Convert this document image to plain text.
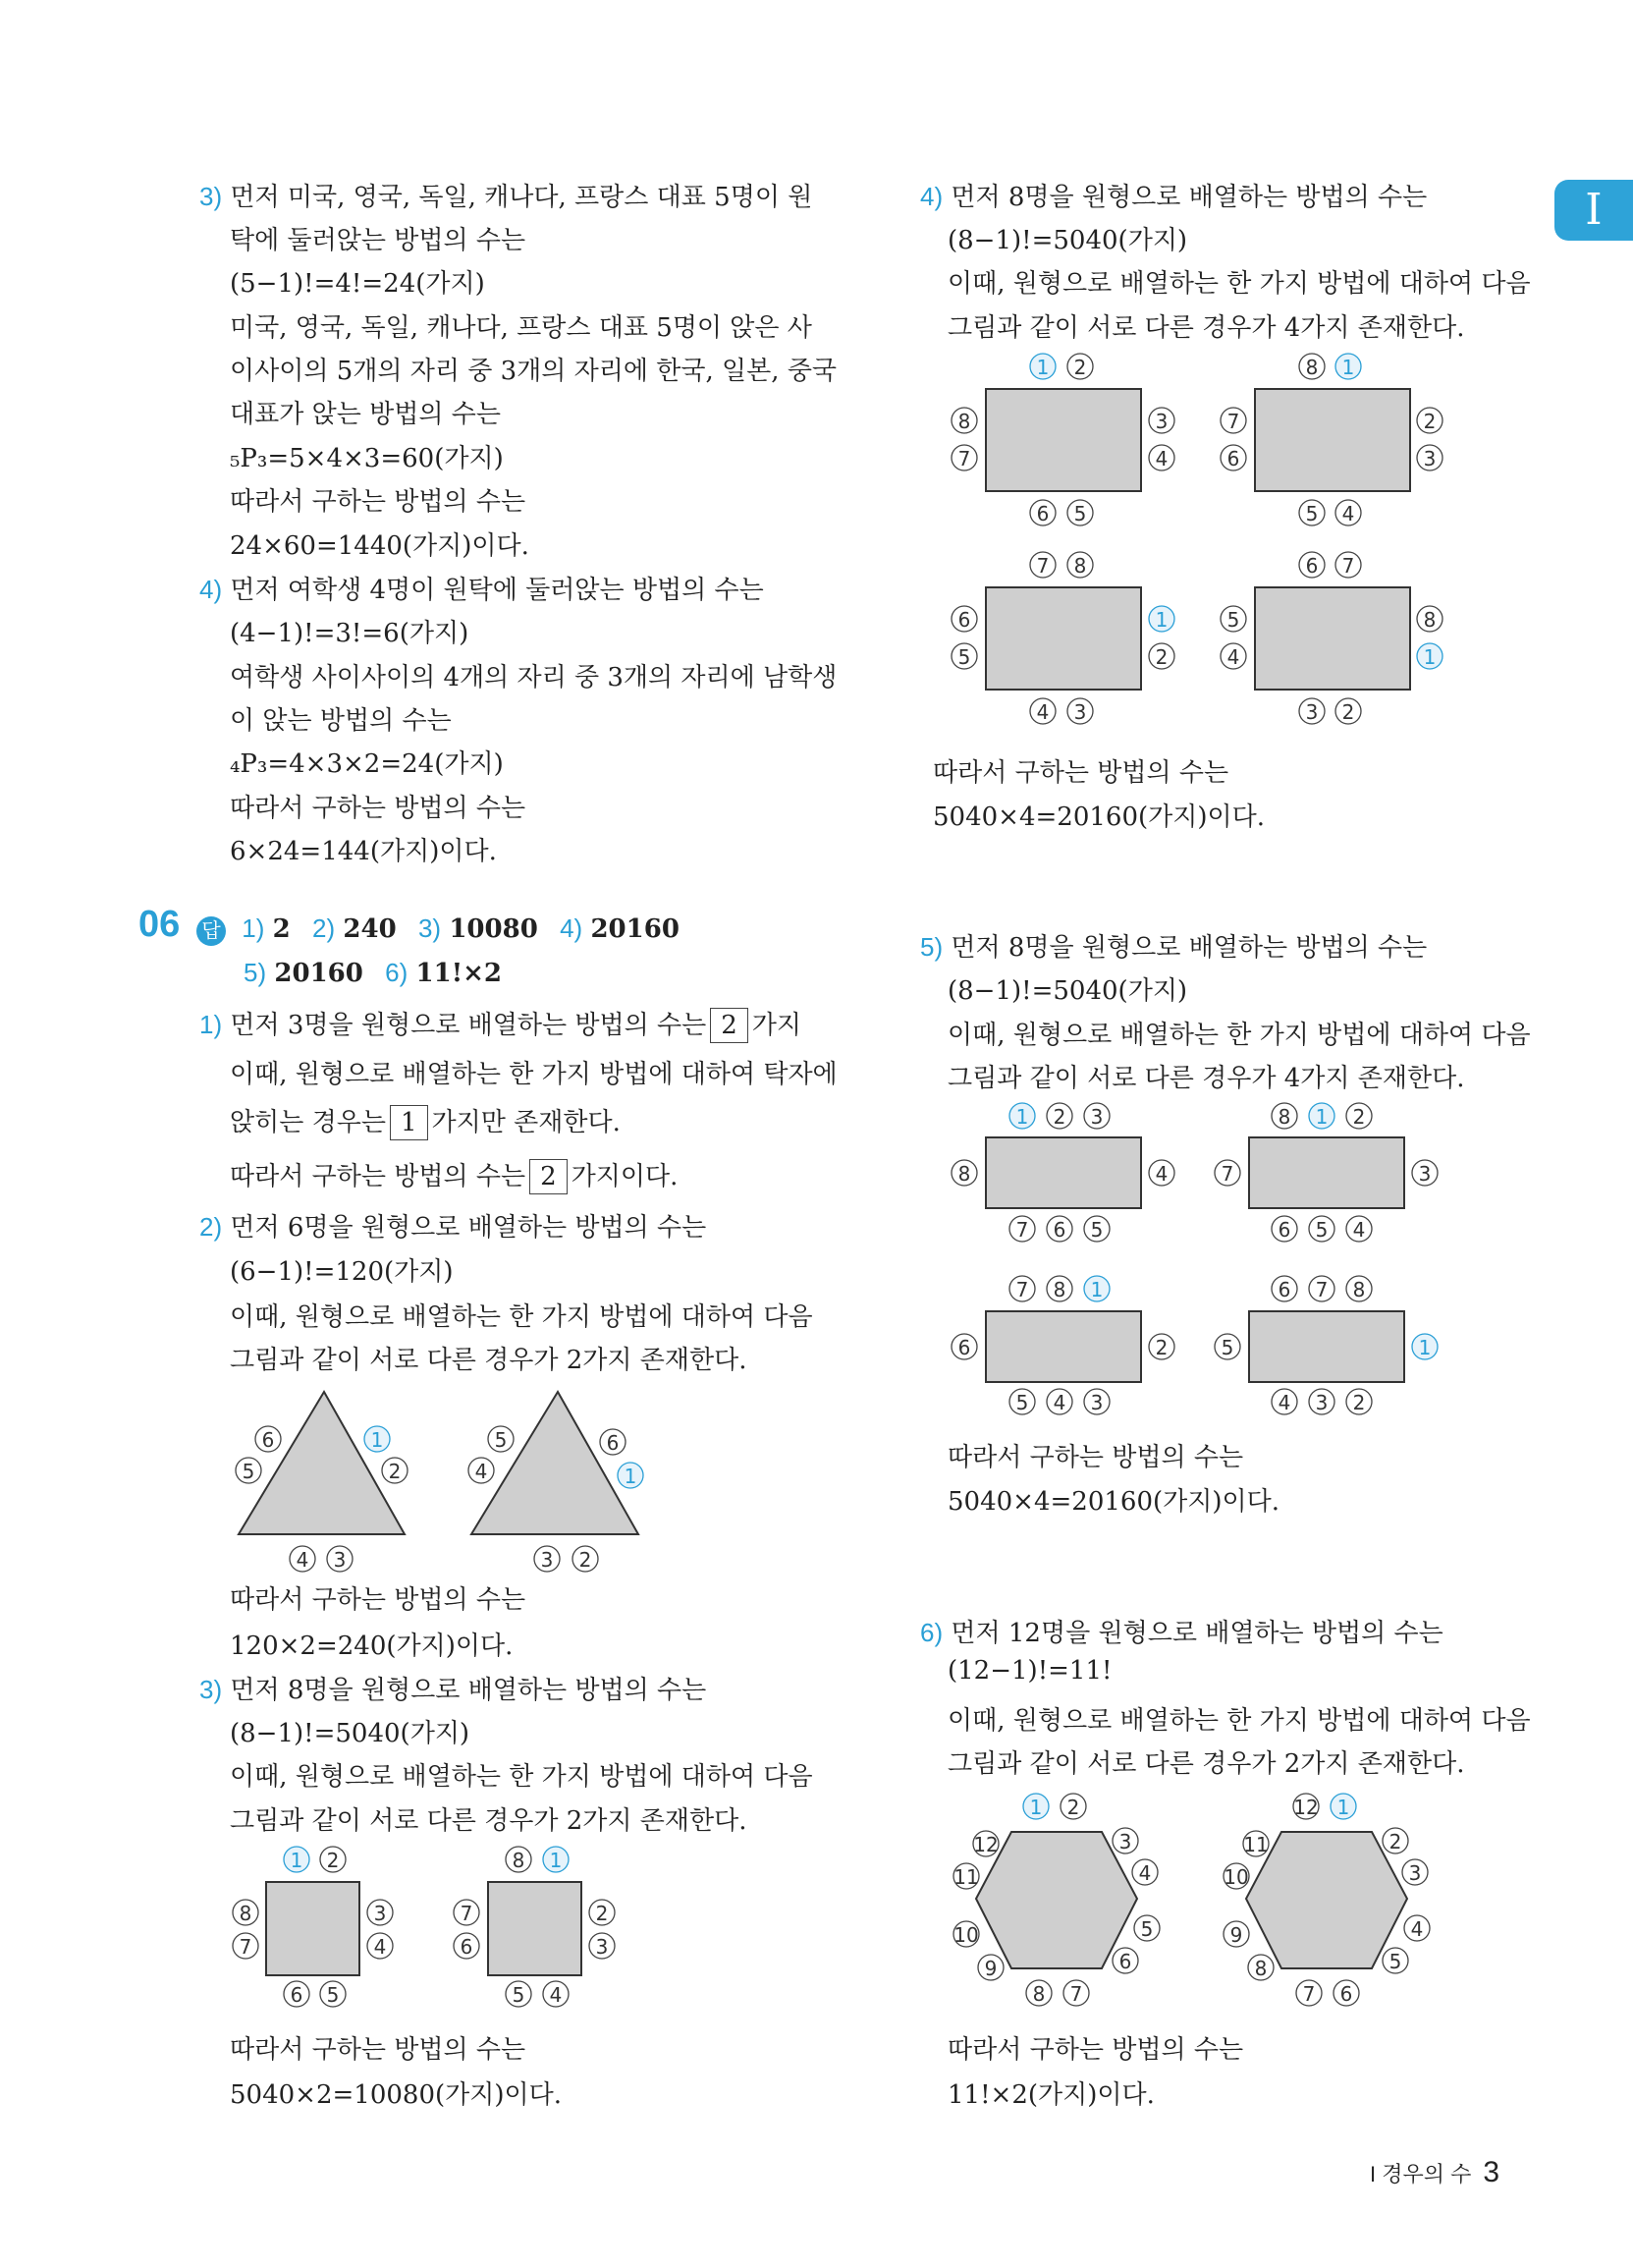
I
3) 먼저 미국, 영국, 독일, 캐나다, 프랑스 대표 5명이 원
탁에 둘러앉는 방법의 수는
(5−1)!=4!=24(가지)
미국, 영국, 독일, 캐나다, 프랑스 대표 5명이 앉은 사
이사이의 5개의 자리 중 3개의 자리에 한국, 일본, 중국
대표가 앉는 방법의 수는
₅P₃=5×4×3=60(가지)
따라서 구하는 방법의 수는
24×60=1440(가지)이다.
4) 먼저 여학생 4명이 원탁에 둘러앉는 방법의 수는
(4−1)!=3!=6(가지)
여학생 사이사이의 4개의 자리 중 3개의 자리에 남학생
이 앉는 방법의 수는
₄P₃=4×3×2=24(가지)
따라서 구하는 방법의 수는
6×24=144(가지)이다.
06 답 1) 2 2) 240 3) 10080 4) 20160
5) 20160 6) 11!×2
1) 먼저 3명을 원형으로 배열하는 방법의 수는 2 가지
이때, 원형으로 배열하는 한 가지 방법에 대하여 탁자에
앉히는 경우는 1 가지만 존재한다.
따라서 구하는 방법의 수는 2 가지이다.
2) 먼저 6명을 원형으로 배열하는 방법의 수는
(6−1)!=120(가지)
이때, 원형으로 배열하는 한 가지 방법에 대하여 다음
그림과 같이 서로 다른 경우가 2가지 존재한다.
따라서 구하는 방법의 수는
120×2=240(가지)이다.
3) 먼저 8명을 원형으로 배열하는 방법의 수는
(8−1)!=5040(가지)
이때, 원형으로 배열하는 한 가지 방법에 대하여 다음
그림과 같이 서로 다른 경우가 2가지 존재한다.
따라서 구하는 방법의 수는
5040×2=10080(가지)이다.
4) 먼저 8명을 원형으로 배열하는 방법의 수는
(8−1)!=5040(가지)
이때, 원형으로 배열하는 한 가지 방법에 대하여 다음
그림과 같이 서로 다른 경우가 4가지 존재한다.
따라서 구하는 방법의 수는
5040×4=20160(가지)이다.
5) 먼저 8명을 원형으로 배열하는 방법의 수는
(8−1)!=5040(가지)
이때, 원형으로 배열하는 한 가지 방법에 대하여 다음
그림과 같이 서로 다른 경우가 4가지 존재한다.
따라서 구하는 방법의 수는
5040×4=20160(가지)이다.
6) 먼저 12명을 원형으로 배열하는 방법의 수는
(12−1)!=11!
이때, 원형으로 배열하는 한 가지 방법에 대하여 다음
그림과 같이 서로 다른 경우가 2가지 존재한다.
따라서 구하는 방법의 수는
11!×2(가지)이다.
6	1
5	2
4 3
5	6
4	1
3 2
1 2
8
7
3
4
6 5
8 1
7
6
2
3
5 4
1 2
8
7
3
4
6 5
8 1
7
6
2
3
5 4
7 8
6
5
1
2
4 3
6 7
5
4
8
1
3 2
1 2 3
8	4
7 6 5
8 1 2
7	3
6 5 4
7 8 1
6	2
5 4 3
6 7 8
5	1
4 3 2
1 2
3
4
5
6
7
8
9
10
11
12
12 1
2
3
4
5
6
7
8
9
10
11
I 경우의 수 3
